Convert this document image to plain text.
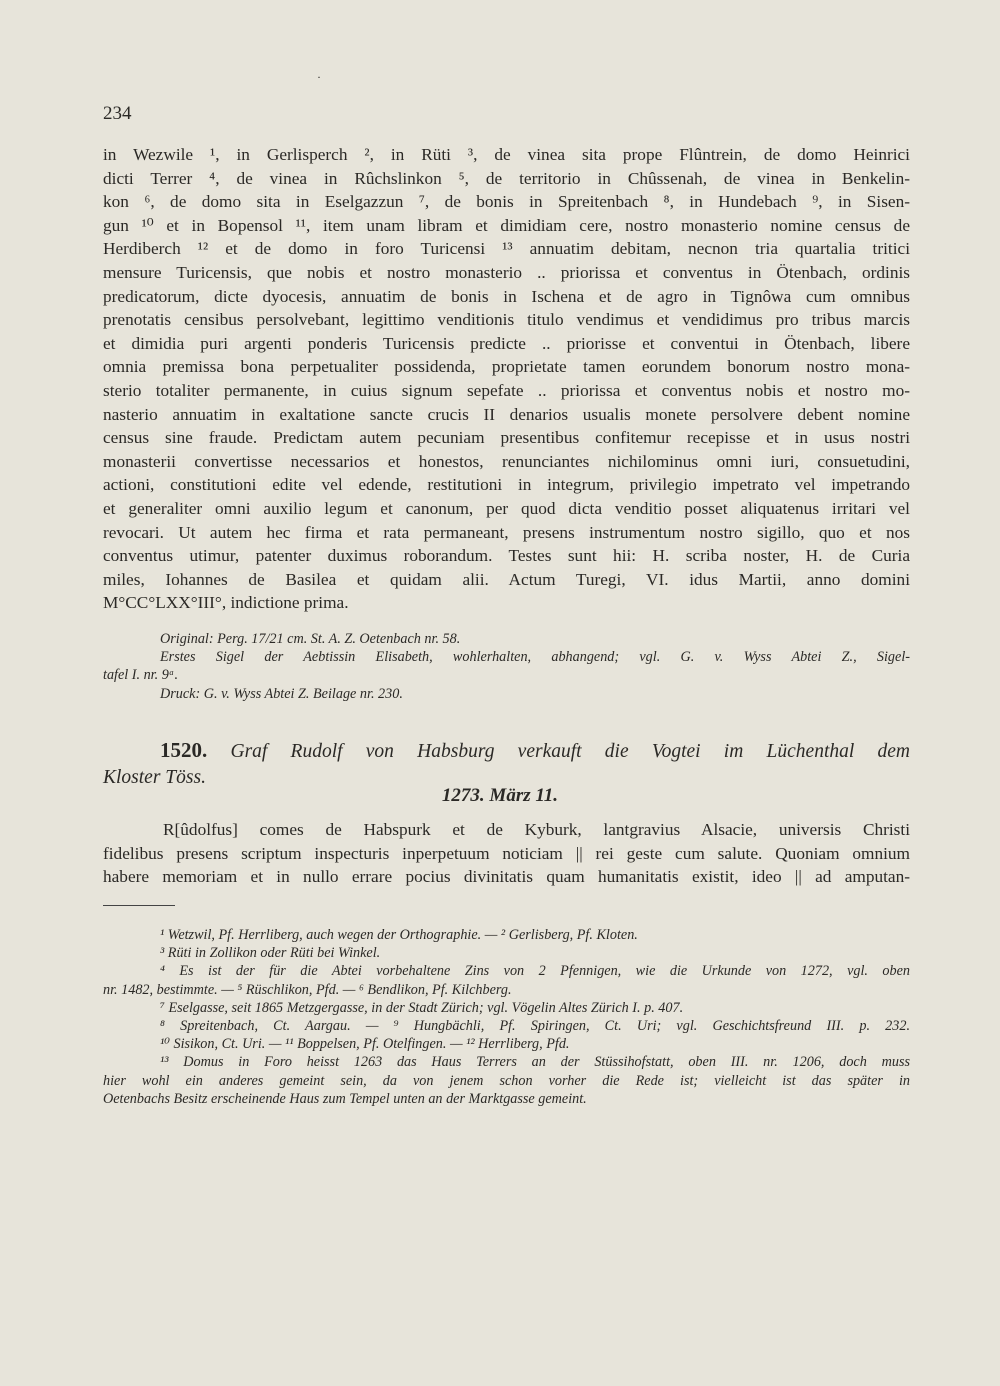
·
234
in Wezwile ¹, in Gerlisperch ², in Rüti ³, de vinea sita prope Flûntrein, de domo Heinrici
dicti Terrer ⁴, de vinea in Rûchslinkon ⁵, de territorio in Chûssenah, de vinea in Benkelin-
kon ⁶, de domo sita in Eselgazzun ⁷, de bonis in Spreitenbach ⁸, in Hundebach ⁹, in Sisen-
gun ¹⁰ et in Bopensol ¹¹, item unam libram et dimidiam cere, nostro monasterio nomine census de
Herdiberch ¹² et de domo in foro Turicensi ¹³ annuatim debitam, necnon tria quartalia tritici
mensure Turicensis, que nobis et nostro monasterio .. priorissa et conventus in Ötenbach, ordinis
predicatorum, dicte dyocesis, annuatim de bonis in Ischena et de agro in Tignôwa cum omnibus
prenotatis censibus persolvebant, legittimo venditionis titulo vendimus et vendidimus pro tribus marcis
et dimidia puri argenti ponderis Turicensis predicte .. priorisse et conventui in Ötenbach, libere
omnia premissa bona perpetualiter possidenda, proprietate tamen eorundem bonorum nostro mona-
sterio totaliter permanente, in cuius signum sepefate .. priorissa et conventus nobis et nostro mo-
nasterio annuatim in exaltatione sancte crucis II denarios usualis monete persolvere debent nomine
census sine fraude. Predictam autem pecuniam presentibus confitemur recepisse et in usus nostri
monasterii convertisse necessarios et honestos, renunciantes nichilominus omni iuri, consuetudini,
actioni, constitutioni edite vel edende, restitutioni in integrum, privilegio impetrato vel impetrando
et generaliter omni auxilio legum et canonum, per quod dicta venditio posset aliquatenus irritari vel
revocari. Ut autem hec firma et rata permaneant, presens instrumentum nostro sigillo, quo et nos
conventus utimur, patenter duximus roborandum. Testes sunt hii: H. scriba noster, H. de Curia
miles, Iohannes de Basilea et quidam alii. Actum Turegi, VI. idus Martii, anno domini
M°CC°LXX°III°, indictione prima.
Original: Perg. 17/21 cm. St. A. Z. Oetenbach nr. 58.
Erstes Sigel der Aebtissin Elisabeth, wohlerhalten, abhangend; vgl. G. v. Wyss Abtei Z., Sigel-
tafel I. nr. 9ᵃ.
Druck: G. v. Wyss Abtei Z. Beilage nr. 230.
1520. Graf Rudolf von Habsburg verkauft die Vogtei im Lüchenthal dem
Kloster Töss.
1273. März 11.
R[ûdolfus] comes de Habspurk et de Kyburk, lantgravius Alsacie, universis Christi
fidelibus presens scriptum inspecturis inperpetuum noticiam || rei geste cum salute. Quoniam omnium
habere memoriam et in nullo errare pocius divinitatis quam humanitatis existit, ideo || ad amputan-
¹ Wetzwil, Pf. Herrliberg, auch wegen der Orthographie. — ² Gerlisberg, Pf. Kloten.
³ Rüti in Zollikon oder Rüti bei Winkel.
⁴ Es ist der für die Abtei vorbehaltene Zins von 2 Pfennigen, wie die Urkunde von 1272, vgl. oben
nr. 1482, bestimmte. — ⁵ Rüschlikon, Pfd. — ⁶ Bendlikon, Pf. Kilchberg.
⁷ Eselgasse, seit 1865 Metzgergasse, in der Stadt Zürich; vgl. Vögelin Altes Zürich I. p. 407.
⁸ Spreitenbach, Ct. Aargau. — ⁹ Hungbächli, Pf. Spiringen, Ct. Uri; vgl. Geschichtsfreund III. p. 232.
¹⁰ Sisikon, Ct. Uri. — ¹¹ Boppelsen, Pf. Otelfingen. — ¹² Herrliberg, Pfd.
¹³ Domus in Foro heisst 1263 das Haus Terrers an der Stüssihofstatt, oben III. nr. 1206, doch muss
hier wohl ein anderes gemeint sein, da von jenem schon vorher die Rede ist; vielleicht ist das später in
Oetenbachs Besitz erscheinende Haus zum Tempel unten an der Marktgasse gemeint.
